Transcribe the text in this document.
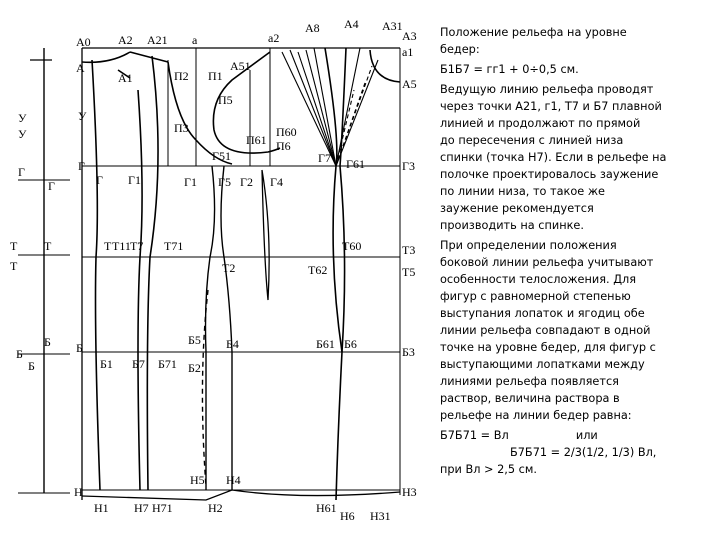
А0 А2 А21 а	а2
А8 А4 А31
А3
а1
А
А1	П2 П1
А51
А5
П5
П3
П61
П60
П6
У
Г51	Г7 Г61
Г
Г Г1	Г1 Г5 Г2 Г4
Г3
Т60
Т Т11 Т7 Т71	Т3
Т2	Т62	Т5
Б5 Б4
Б	Б61 Б6
Б3
Б1 Б7 Б71 Б2
Н
Н5 Н4
Н3
Н1 Н7 Н71	Н2	Н61
Н6 Н31
У
У
Г
Г
Т Т
Т
Б
Б
Б

Положение рельефа на уровне
бедер:

Б1Б7 = гг1 + 0÷0,5 см.

Ведущую линию рельефа проводят
через точки А21, г1, Т7 и Б7 плавной
линией и продолжают по прямой
до пересечения с линией низа
спинки (точка Н7). Если в рельефе на
полочке проектировалось заужение
по линии низа, то такое же
заужение рекомендуется
производить на спинке.

При определении положения
боковой линии рельефа учитывают
особенности телосложения. Для
фигур с равномерной степенью
выступания лопаток и ягодиц обе
линии рельефа совпадают в одной
точке на уровне бедер, для фигур с
выступающими лопатками между
линиями рельефа появляется
раствор, величина раствора в
рельефе на линии бедер равна:

Б7Б71 = Вл	или
Б7Б71 = 2/3(1/2, 1/3) Вл,
при Вл > 2,5 см.
